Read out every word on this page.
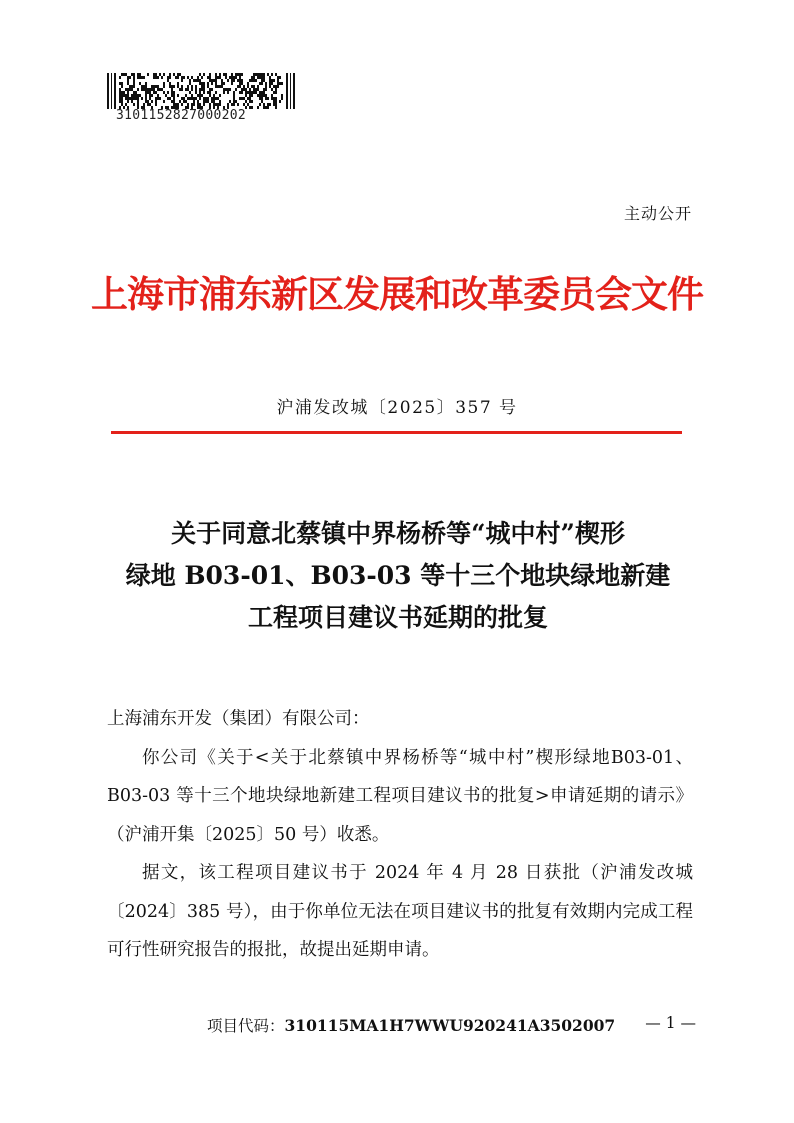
3101152827000202
主动公开
上海市浦东新区发展和改革委员会文件
沪浦发改城〔2025〕357 号
关于同意北蔡镇中界杨桥等“城中村”楔形
绿地 B03-01、B03-03 等十三个地块绿地新建
工程项目建议书延期的批复

上海浦东开发（集团）有限公司：

你公司《关于<关于北蔡镇中界杨桥等“城中村”楔形绿地B03-01、B03-03 等十三个地块绿地新建工程项目建议书的批复>申请延期的请示》（沪浦开集〔2025〕50 号）收悉。

据文，该工程项目建议书于 2024 年 4 月 28 日获批（沪浦发改城〔2024〕385 号），由于你单位无法在项目建议书的批复有效期内完成工程可行性研究报告的报批，故提出延期申请。

项目代码：310115MA1H7WWU920241A3502007 — 1 —
